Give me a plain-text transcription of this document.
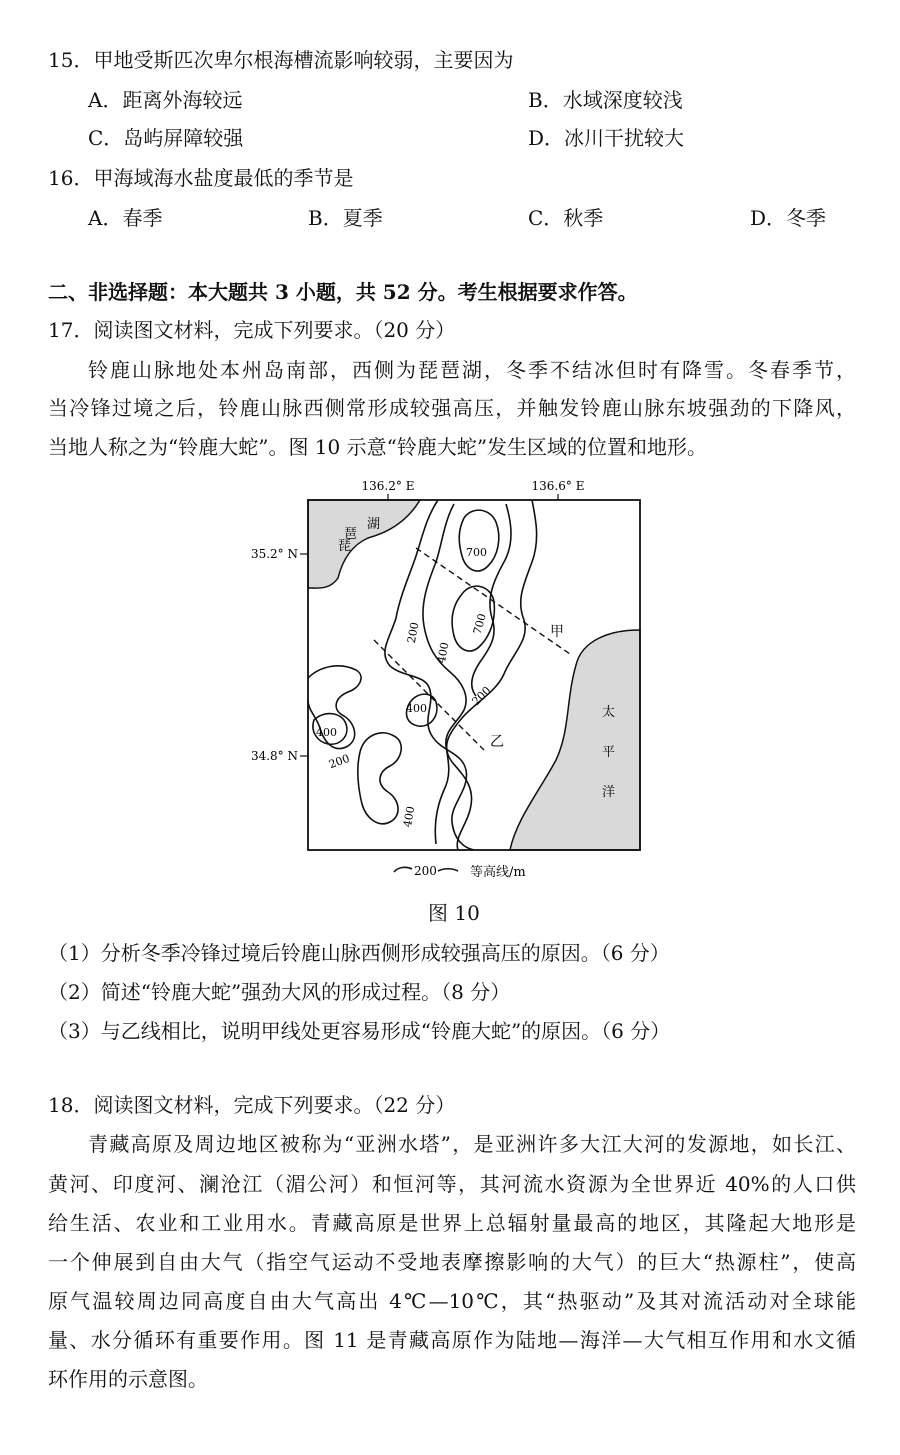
15．甲地受斯匹次卑尔根海槽流影响较弱，主要因为
A．距离外海较远	B．水域深度较浅
C．岛屿屏障较强	D．冰川干扰较大
16．甲海域海水盐度最低的季节是
A．春季	B．夏季	C．秋季	D．冬季
二、非选择题：本大题共 3 小题，共 52 分。考生根据要求作答。
17．阅读图文材料，完成下列要求。（20 分）
铃鹿山脉地处本州岛南部，西侧为琵琶湖，冬季不结冰但时有降雪。冬春季节，
当冷锋过境之后，铃鹿山脉西侧常形成较强高压，并触发铃鹿山脉东坡强劲的下降风，
当地人称之为“铃鹿大蛇”。图 10 示意“铃鹿大蛇”发生区域的位置和地形。
136.2° E	136.6° E
35.2° N
34.8° N
湖
琵
琶
太
平
洋
700
700
400
200
200
400
400
200
400
甲
乙
200	等高线/m
图 10
（1）分析冬季冷锋过境后铃鹿山脉西侧形成较强高压的原因。（6 分）
（2）简述“铃鹿大蛇”强劲大风的形成过程。（8 分）
（3）与乙线相比，说明甲线处更容易形成“铃鹿大蛇”的原因。（6 分）
18．阅读图文材料，完成下列要求。（22 分）
青藏高原及周边地区被称为“亚洲水塔”，是亚洲许多大江大河的发源地，如长江、
黄河、印度河、澜沧江（湄公河）和恒河等，其河流水资源为全世界近 40%的人口供
给生活、农业和工业用水。青藏高原是世界上总辐射量最高的地区，其隆起大地形是
一个伸展到自由大气（指空气运动不受地表摩擦影响的大气）的巨大“热源柱”，使高
原气温较周边同高度自由大气高出 4℃—10℃，其“热驱动”及其对流活动对全球能
量、水分循环有重要作用。图 11 是青藏高原作为陆地—海洋—大气相互作用和水文循
环作用的示意图。
